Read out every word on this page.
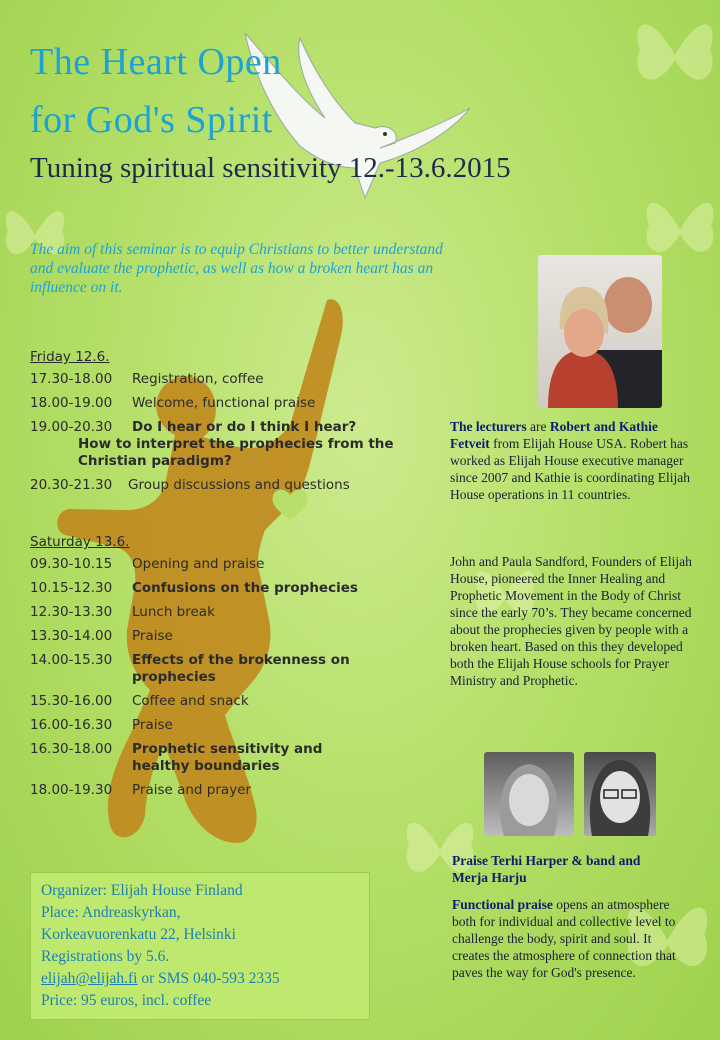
The Heart Open
for God's Spirit
Tuning spiritual sensitivity 12.-13.6.2015
The aim of this seminar is to equip Christians to better understand and evaluate the prophetic, as well as how a broken heart has an influence on it.
Friday 12.6.
17.30-18.00	Registration, coffee
18.00-19.00	Welcome, functional praise
19.00-20.30	Do I hear or do I think I hear?
How to interpret the prophecies from the Christian paradigm?
20.30-21.30	Group discussions and questions
Saturday 13.6.
09.30-10.15	Opening and praise
10.15-12.30	Confusions on the prophecies
12.30-13.30	Lunch break
13.30-14.00	Praise
14.00-15.30	Effects of the brokenness on prophecies
15.30-16.00	Coffee and snack
16.00-16.30	Praise
16.30-18.00	Prophetic sensitivity and healthy boundaries
18.00-19.30	Praise and prayer
The lecturers are Robert and Kathie Fetveit from Elijah House USA. Robert has worked as Elijah House executive manager since 2007 and Kathie is coordinating Elijah House operations in 11 countries.
John and Paula Sandford, Founders of Elijah House, pioneered the Inner Healing and Prophetic Movement in the Body of Christ since the early 70’s. They became concerned about the prophecies given by people with a broken heart. Based on this they developed both the Elijah House schools for Prayer Ministry and Prophetic.
Praise Terhi Harper & band and Merja Harju
Functional praise opens an atmosphere both for individual and collective level to challenge the body, spirit and soul. It creates the atmosphere of connection that paves the way for God's presence.
Organizer: Elijah House Finland
Place: Andreaskyrkan,
Korkeavuorenkatu 22, Helsinki
Registrations by 5.6.
elijah@elijah.fi or SMS 040-593 2335
Price: 95 euros, incl. coffee
